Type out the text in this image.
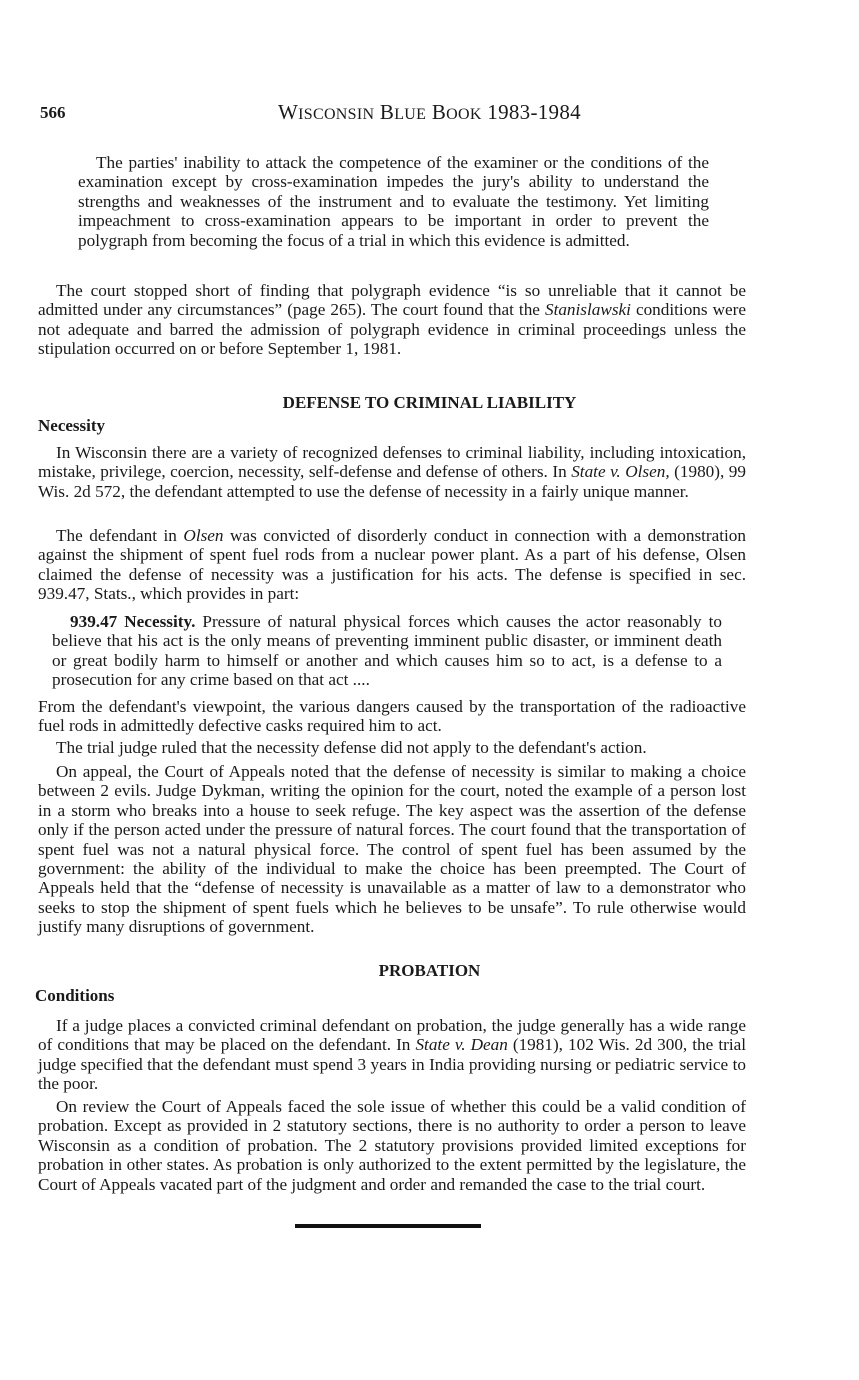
566	WISCONSIN BLUE BOOK 1983-1984

The parties' inability to attack the competence of the examiner or the conditions of the examination except by cross-examination impedes the jury's ability to understand the strengths and weaknesses of the instrument and to evaluate the testimony. Yet limiting impeachment to cross-examination appears to be important in order to prevent the polygraph from becoming the focus of a trial in which this evidence is admitted.

The court stopped short of finding that polygraph evidence “is so unreliable that it cannot be admitted under any circumstances” (page 265). The court found that the Stanislawski conditions were not adequate and barred the admission of polygraph evidence in criminal proceedings unless the stipulation occurred on or before September 1, 1981.

DEFENSE TO CRIMINAL LIABILITY
Necessity

In Wisconsin there are a variety of recognized defenses to criminal liability, including intoxication, mistake, privilege, coercion, necessity, self-defense and defense of others. In State v. Olsen, (1980), 99 Wis. 2d 572, the defendant attempted to use the defense of necessity in a fairly unique manner.

The defendant in Olsen was convicted of disorderly conduct in connection with a demonstration against the shipment of spent fuel rods from a nuclear power plant. As a part of his defense, Olsen claimed the defense of necessity was a justification for his acts. The defense is specified in sec. 939.47, Stats., which provides in part:

939.47 Necessity. Pressure of natural physical forces which causes the actor reasonably to believe that his act is the only means of preventing imminent public disaster, or imminent death or great bodily harm to himself or another and which causes him so to act, is a defense to a prosecution for any crime based on that act ....

From the defendant's viewpoint, the various dangers caused by the transportation of the radioactive fuel rods in admittedly defective casks required him to act.

The trial judge ruled that the necessity defense did not apply to the defendant's action.

On appeal, the Court of Appeals noted that the defense of necessity is similar to making a choice between 2 evils. Judge Dykman, writing the opinion for the court, noted the example of a person lost in a storm who breaks into a house to seek refuge. The key aspect was the assertion of the defense only if the person acted under the pressure of natural forces. The court found that the transportation of spent fuel was not a natural physical force. The control of spent fuel has been assumed by the government: the ability of the individual to make the choice has been preempted. The Court of Appeals held that the “defense of necessity is unavailable as a matter of law to a demonstrator who seeks to stop the shipment of spent fuels which he believes to be unsafe”. To rule otherwise would justify many disruptions of government.

PROBATION
Conditions

If a judge places a convicted criminal defendant on probation, the judge generally has a wide range of conditions that may be placed on the defendant. In State v. Dean (1981), 102 Wis. 2d 300, the trial judge specified that the defendant must spend 3 years in India providing nursing or pediatric service to the poor.

On review the Court of Appeals faced the sole issue of whether this could be a valid condition of probation. Except as provided in 2 statutory sections, there is no authority to order a person to leave Wisconsin as a condition of probation. The 2 statutory provisions provided limited exceptions for probation in other states. As probation is only authorized to the extent permitted by the legislature, the Court of Appeals vacated part of the judgment and order and remanded the case to the trial court.
